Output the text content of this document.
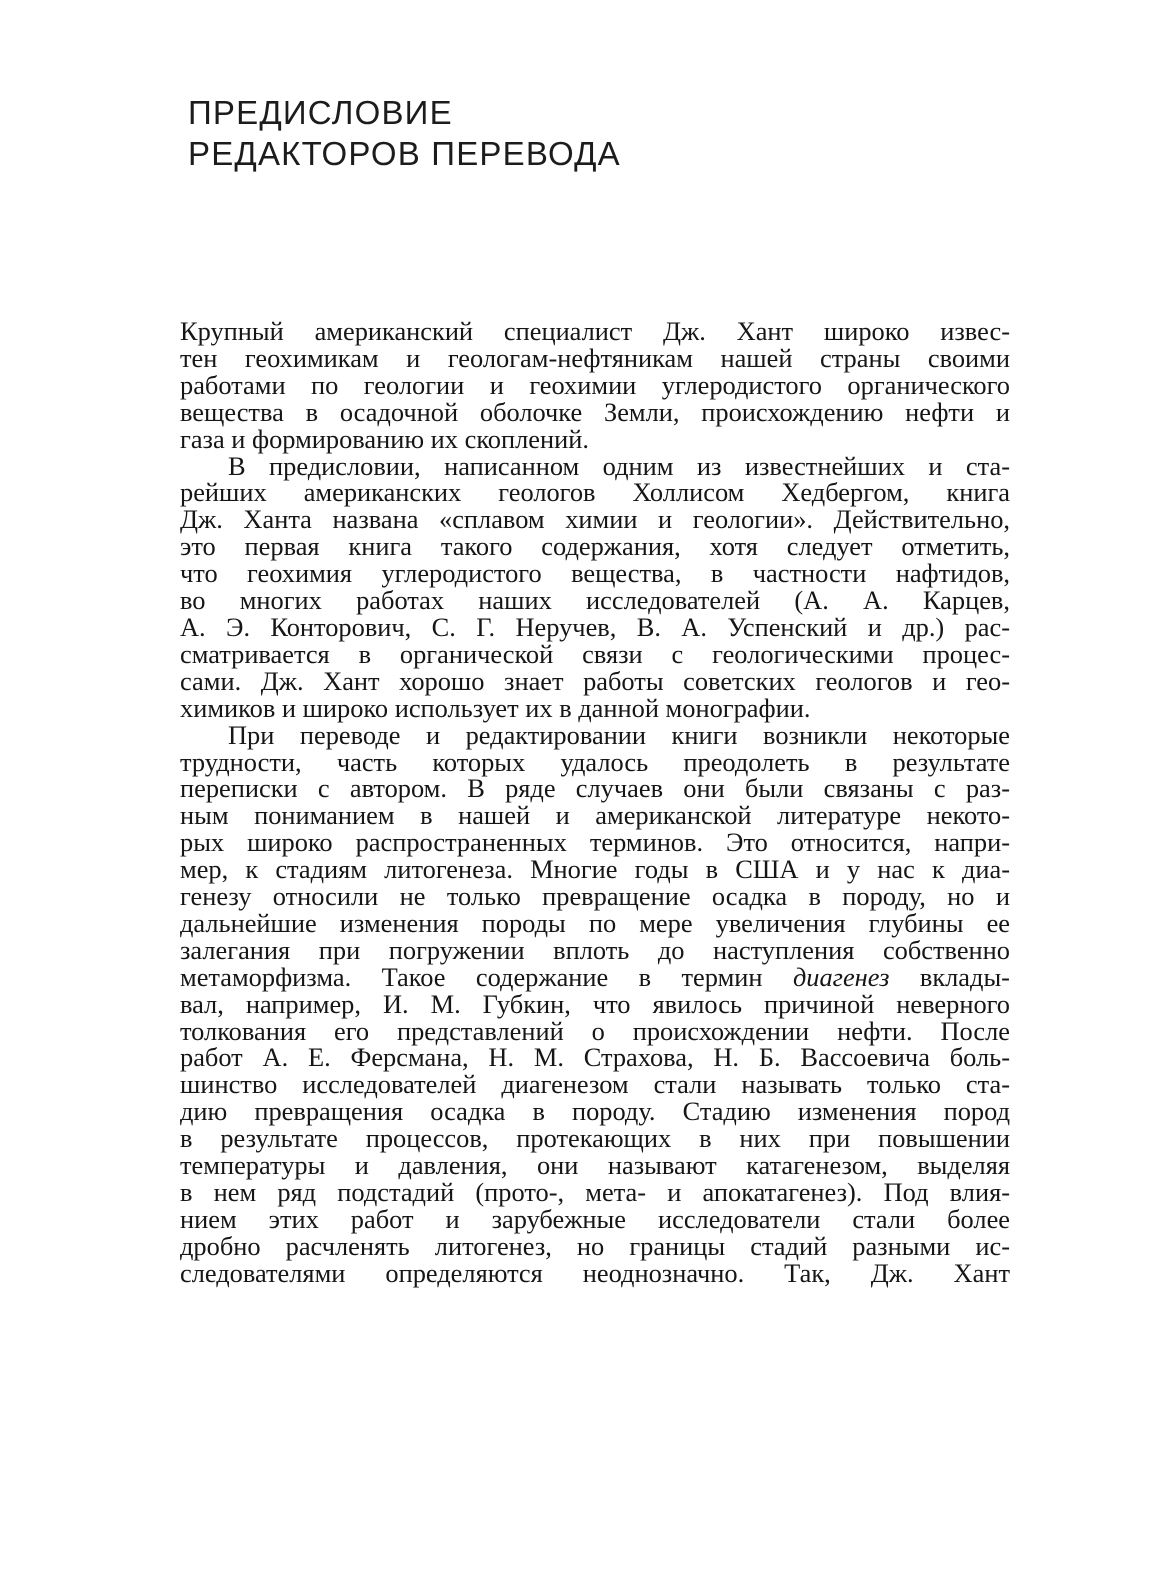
ПРЕДИСЛОВИЕ
РЕДАКТОРОВ ПЕРЕВОДА
Крупный американский специалист Дж. Хант широко извес-
тен геохимикам и геологам-нефтяникам нашей страны своими
работами по геологии и геохимии углеродистого органического
вещества в осадочной оболочке Земли, происхождению нефти и
газа и формированию их скоплений.
В предисловии, написанном одним из известнейших и ста-
рейших американских геологов Холлисом Хедбергом, книга
Дж. Ханта названа «сплавом химии и геологии». Действительно,
это первая книга такого содержания, хотя следует отметить,
что геохимия углеродистого вещества, в частности нафтидов,
во многих работах наших исследователей (А. А. Карцев,
А. Э. Конторович, С. Г. Неручев, В. А. Успенский и др.) рас-
сматривается в органической связи с геологическими процес-
сами. Дж. Хант хорошо знает работы советских геологов и гео-
химиков и широко использует их в данной монографии.
При переводе и редактировании книги возникли некоторые
трудности, часть которых удалось преодолеть в результате
переписки с автором. В ряде случаев они были связаны с раз-
ным пониманием в нашей и американской литературе некото-
рых широко распространенных терминов. Это относится, напри-
мер, к стадиям литогенеза. Многие годы в США и у нас к диа-
генезу относили не только превращение осадка в породу, но и
дальнейшие изменения породы по мере увеличения глубины ее
залегания при погружении вплоть до наступления собственно
метаморфизма. Такое содержание в термин диагенез вклады-
вал, например, И. М. Губкин, что явилось причиной неверного
толкования его представлений о происхождении нефти. После
работ А. Е. Ферсмана, Н. М. Страхова, Н. Б. Вассоевича боль-
шинство исследователей диагенезом стали называть только ста-
дию превращения осадка в породу. Стадию изменения пород
в результате процессов, протекающих в них при повышении
температуры и давления, они называют катагенезом, выделяя
в нем ряд подстадий (прото-, мета- и апокатагенез). Под влия-
нием этих работ и зарубежные исследователи стали более
дробно расчленять литогенез, но границы стадий разными ис-
следователями определяются неоднозначно. Так, Дж. Хант
